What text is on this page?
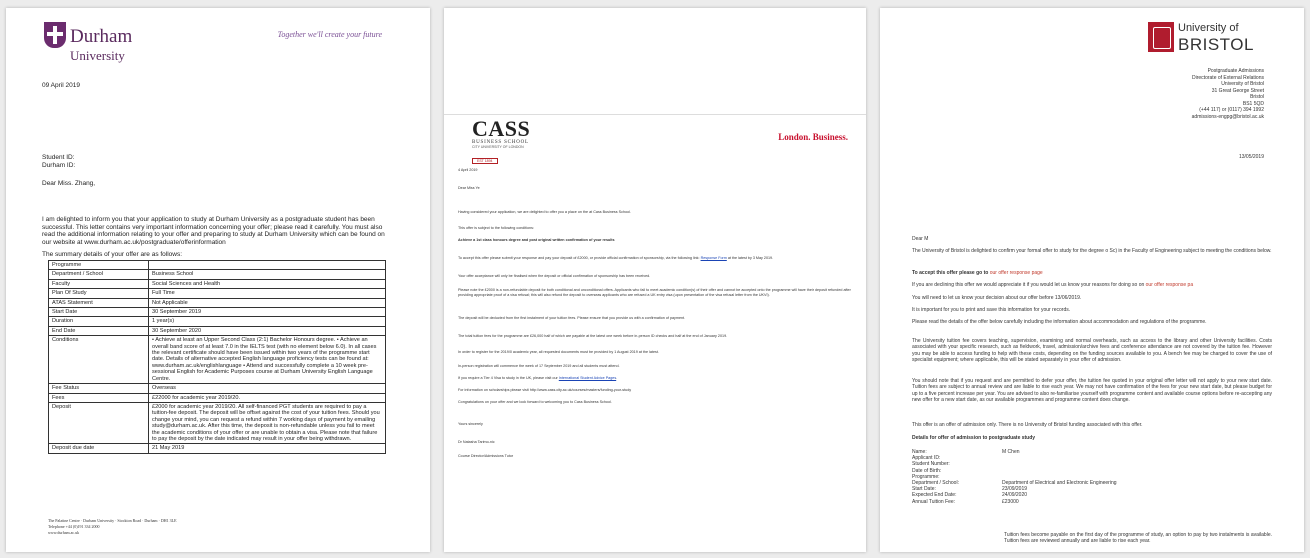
Durham
University
Together we'll create your future
09 April 2019

Student ID:

Durham ID:

Dear Miss. Zhang,
I am delighted to inform you that your application to study at Durham University as a postgraduate student has been successful. This letter contains very important information concerning your offer; please read it carefully. You must also read the additional information relating to your offer and preparing to study at Durham University which can be found on our website at www.durham.ac.uk/postgraduate/offerinformation
The summary details of your offer are as follows:
Programme	
Department / School	Business School
Faculty	Social Sciences and Health
Plan Of Study	Full Time
ATAS Statement	Not Applicable
Start Date	30 September 2019
Duration	1 year(s)
End Date	30 September 2020
Conditions	• Achieve at least an Upper Second Class (2:1) Bachelor Honours degree. • Achieve an overall band score of at least 7.0 in the IELTS test (with no element below 6.0). In all cases the relevant certificate should have been issued within two years of the programme start date. Details of alternative accepted English language proficiency tests can be found at: www.durham.ac.uk/englishlanguage • Attend and successfully complete a 10 week pre-sessional English for Academic Purposes course at Durham University English Language Centre.
Fee Status	Overseas
Fees	£22000 for academic year 2019/20.
Deposit	£2000 for academic year 2019/20. All self-financed PGT students are required to pay a tuition-fee deposit. The deposit will be offset against the cost of your tuition fees. Should you change your mind, you can request a refund within 7 working days of payment by emailing study@durham.ac.uk. After this time, the deposit is non-refundable unless you fail to meet the academic conditions of your offer or are unable to obtain a visa. Please note that failure to pay the deposit by the date indicated may result in your offer being withdrawn.
Deposit due date	21 May 2019

The Palatine Centre · Durham University · Stockton Road · Durham · DH1 3LE

Telephone +44 (0)191 334 2000

www.durham.ac.uk

CASS
BUSINESS SCHOOL
CITY UNIVERSITY OF LONDON
EST 1894
London. Business.
4 April 2019
Dear Miss Ye
Having considered your application, we are delighted to offer you a place on the at Cass Business School.
This offer is subject to the following conditions:
Achieve a 1st class honours degree and post original written confirmation of your results
To accept this offer please submit your response and pay your deposit of £2000, or provide official confirmation of sponsorship, via the following link: Response Form at the latest by 3 May 2019.
Your offer acceptance will only be finalised when the deposit or official confirmation of sponsorship has been received.
Please note the £2000 is a non-refundable deposit for both conditional and unconditional offers. Applicants who fail to meet academic condition(s) of their offer and cannot be accepted onto the programme will have their deposit refunded after providing appropriate proof of a visa refusal; this will also refund the deposit to overseas applicants who are refused a UK entry visa (upon presentation of the visa refusal letter from the UKVI).
The deposit will be deducted from the first instalment of your tuition fees. Please ensure that you provide us with a confirmation of payment.
The total tuition fees for the programme are £26,000 half of which are payable at the latest one week before in-person ID checks and half at the end of January 2019.
In order to register for the 2019/0 academic year, all requested documents must be provided by 1 August 2019 at the latest.
In-person registration will commence the week of 17 September 2019 and all students must attend.
If you require a Tier 4 Visa to study in the UK, please visit our International Student Advice Pages.
For information on scholarships please visit http://www.cass.city.ac.uk/courses/masters/funding-your-study
Congratulations on your offer and we look forward to welcoming you to Cass Business School.
Yours sincerely
Dr Natasha Tarimo-nic
Course Director/Admissions Tutor
University of
BRISTOL

Postgraduate Admissions

Directorate of External Relations

University of Bristol

31 Great George Street

Bristol

BS1 5QD

(+44 117) or (0117) 394 1992

admissions-engpg@bristol.ac.uk

13/05/2019
Dear M
The University of Bristol is delighted to confirm your formal offer to study for the degree o Sc) in the Faculty of Engineering subject to meeting the conditions below.
To accept this offer please go to our offer response page
If you are declining this offer we would appreciate it if you would let us know your reasons for doing so on our offer response pa
You will need to let us know your decision about our offer before 13/06/2019.
It is important for you to print and save this information for your records.
Please read the details of the offer below carefully including the information about accommodation and regulations of the programme.
The University tuition fee covers teaching, supervision, examining and normal overheads, such as access to the library and other University facilities. Costs associated with your specific research, such as fieldwork, travel, admission/archive fees and conference attendance are not covered by the tuition fee. However you may be able to access funding to help with these costs, depending on the funding sources available to you. A bench fee may be charged to cover the use of specialist equipment; where applicable, this will be stated separately in your offer of admission.
You should note that if you request and are permitted to defer your offer, the tuition fee quoted in your original offer letter will not apply to your new start date. Tuition fees are subject to annual review and are liable to rise each year. We may not have confirmation of the fees for your new start date, but please budget for up to a five percent increase per year. You are advised to also re-familiarise yourself with programme content and available course options before re-accepting any new offer for a new start date, as our available programmes and programme content does change.
This offer is an offer of admission only. There is no University of Bristol funding associated with this offer.
Details for offer of admission to postgraduate study
Name:	M Chen
Applicant ID:
Student Number:
Date of Birth:
Programme:
Department / School:	Department of Electrical and Electronic Engineering
Start Date:	23/09/2019
Expected End Date:	24/09/2020
Annual Tuition Fee:	£23000
Tuition fees become payable on the first day of the programme of study, an option to pay by two instalments is available. Tuition fees are reviewed annually and are liable to rise each year.
